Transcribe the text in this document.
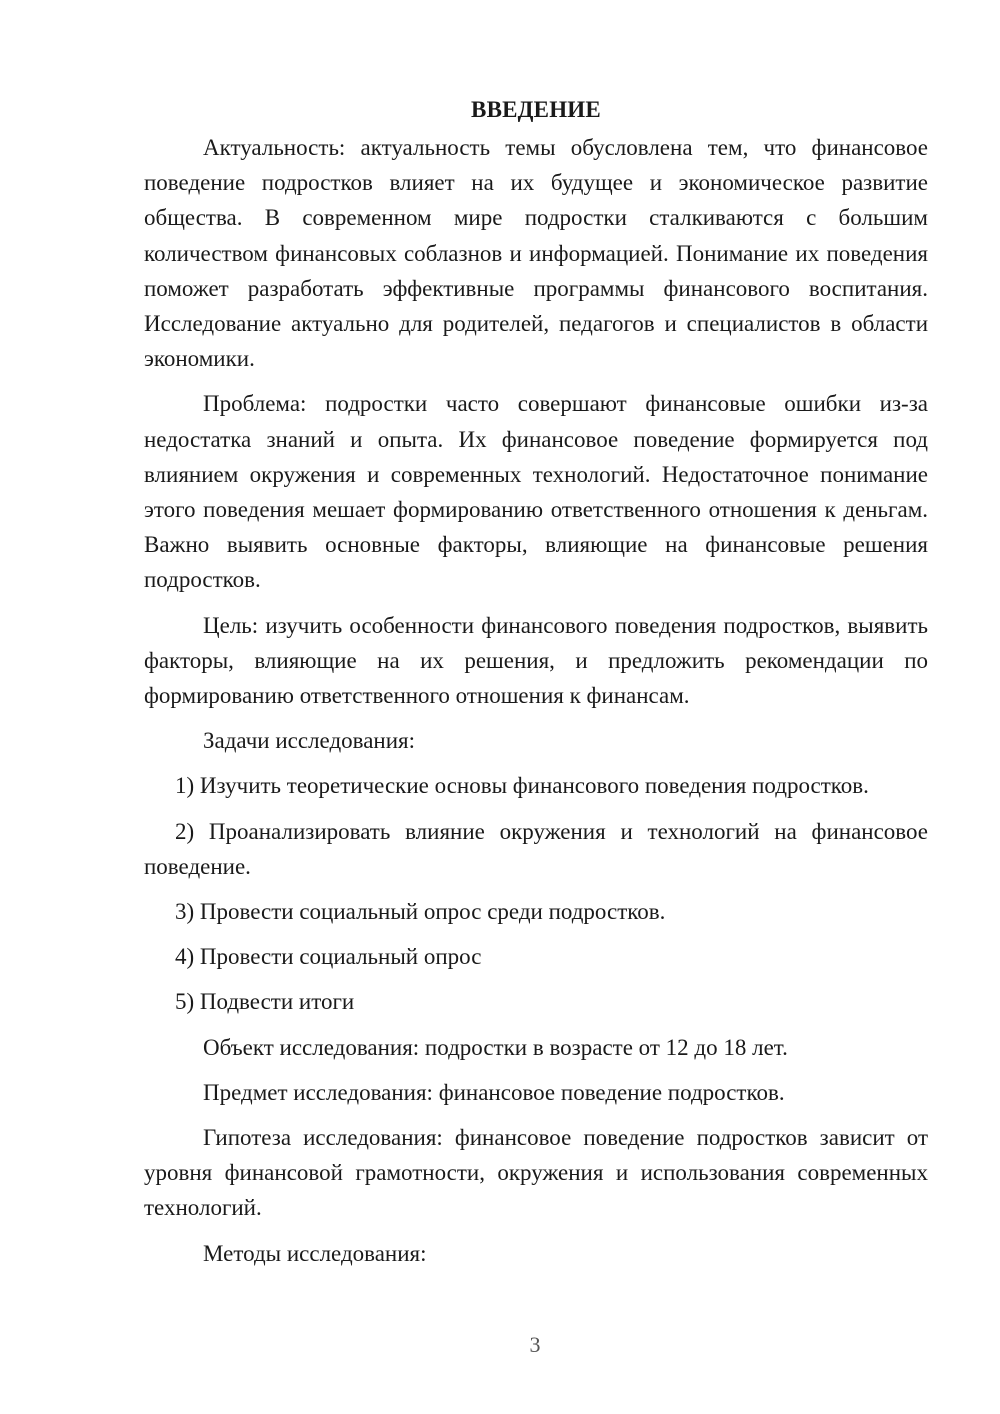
ВВЕДЕНИЕ

Актуальность: актуальность темы обусловлена тем, что финансовое поведение подростков влияет на их будущее и экономическое развитие общества. В современном мире подростки сталкиваются с большим количеством финансовых соблазнов и информацией. Понимание их поведения поможет разработать эффективные программы финансового воспитания. Исследование актуально для родителей, педагогов и специалистов в области экономики.

Проблема: подростки часто совершают финансовые ошибки из-за недостатка знаний и опыта. Их финансовое поведение формируется под влиянием окружения и современных технологий. Недостаточное понимание этого поведения мешает формированию ответственного отношения к деньгам. Важно выявить основные факторы, влияющие на финансовые решения подростков.

Цель: изучить особенности финансового поведения подростков, выявить факторы, влияющие на их решения, и предложить рекомендации по формированию ответственного отношения к финансам.

Задачи исследования:

1) Изучить теоретические основы финансового поведения подростков.

2) Проанализировать влияние окружения и технологий на финансовое поведение.

3) Провести социальный опрос среди подростков.

4) Провести социальный опрос

5) Подвести итоги

Объект исследования: подростки в возрасте от 12 до 18 лет.

Предмет исследования: финансовое поведение подростков.

Гипотеза исследования: финансовое поведение подростков зависит от уровня финансовой грамотности, окружения и использования современных технологий.

Методы исследования:

3
